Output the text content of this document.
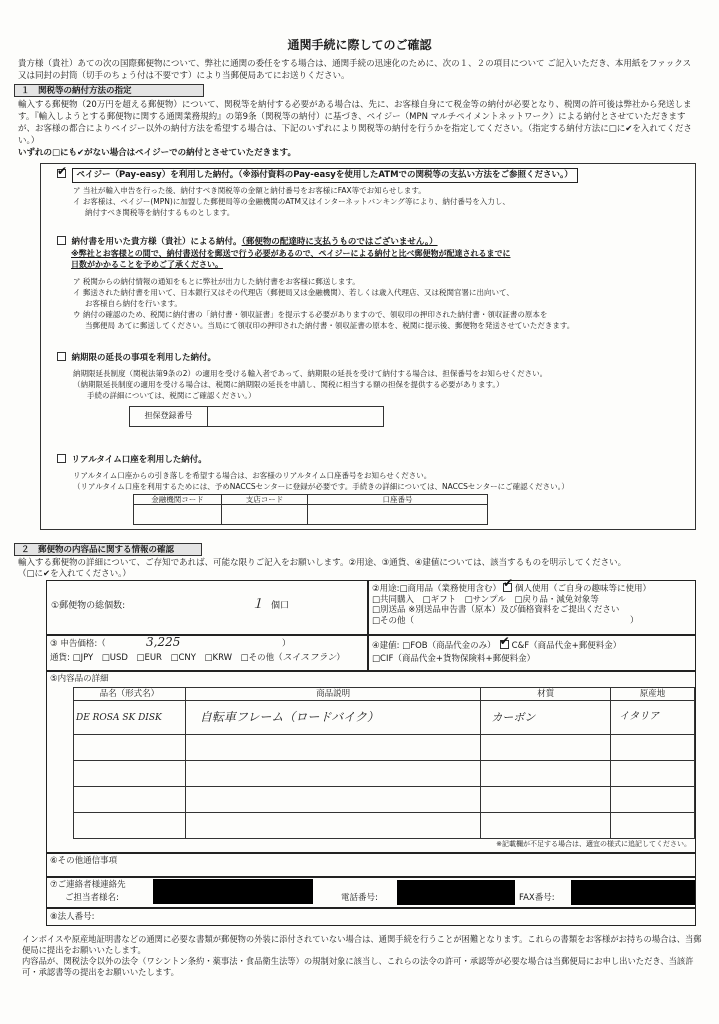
通関手続に際してのご確認
貴方様（貴社）あての次の国際郵便物について、弊社に通関の委任をする場合は、通関手続の迅速化のために、次の１、２の項目について ご記入いただき、本用紙をファックス又は同封の封筒（切手のちょう付は不要です）により当郵便局あてにお送りください。
１　関税等の納付方法の指定
輸入する郵便物（20万円を超える郵便物）について、関税等を納付する必要がある場合は、先に、お客様自身にて税金等の納付が必要となり、税関の許可後は弊社から発送します。『輸入しようとする郵便物に関する通関業務規約』の第9条（関税等の納付）に基づき、ペイジー（MPN マルチペイメントネットワーク）による納付とさせていただきますが、お客様の都合によりペイジー以外の納付方法を希望する場合は、下記のいずれにより関税等の納付を行うかを指定してください。（指定する納付方法に□に✔を入れてください。）
いずれの□にも✔がない場合はペイジーでの納付とさせていただきます。
✔ ペイジー（Pay-easy）を利用した納付。（※添付資料のPay-easyを使用したATMでの関税等の支払い方法をご参照ください。）
ア 当社が輸入申告を行った後、納付すべき関税等の金額と納付番号をお客様にFAX等でお知らせします。
イ お客様は、ペイジー(MPN)に加盟した郵便局等の金融機関のATM又はインターネットバンキング等により、納付番号を入力し、
納付すべき関税等を納付するものとします。
納付書を用いた貴方様（貴社）による納付。（郵便物の配達時に支払うものではございません。）
※弊社とお客様との間で、納付書送付を郵送で行う必要があるので、ペイジーによる納付と比べ郵便物が配達されるまでに
日数がかかることを予めご了承ください。
ア 税関からの納付情報の通知をもとに弊社が出力した納付書をお客様に郵送します。
イ 郵送された納付書を用いて、日本銀行又はその代理店（郵便局又は金融機関）、若しくは歳入代理店、又は税関官署に出向いて、
お客様自ら納付を行います。
ウ 納付の確認のため、税関に納付書の「納付書・領収証書」を提示する必要がありますので、領収印の押印された納付書・領収証書の原本を
当郵便局 あてに郵送してください。当局にて領収印の押印された納付書・領収証書の原本を、税関に提示後、郵便物を発送させていただきます。
納期限の延長の事項を利用した納付。
納期限延長制度（関税法第9条の2）の適用を受ける輸入者であって、納期限の延長を受けて納付する場合は、担保番号をお知らせください。
（納期限延長制度の適用を受ける場合は、税関に納期限の延長を申請し、関税に相当する額の担保を提供する必要があります。）
手続の詳細については、税関にご確認ください。）
担保登録番号	
リアルタイム口座を利用した納付。
リアルタイム口座からの引き落しを希望する場合は、お客様のリアルタイム口座番号をお知らせください。
（リアルタイム口座を利用するためには、予めNACCSセンターに登録が必要です。手続きの詳細については、NACCSセンターにご確認ください。）
金融機関コード	支店コード	口座番号

２　郵便物の内容品に関する情報の確認
輸入する郵便物の詳細について、ご存知であれば、可能な限りご記入をお願いします。②用途、③通貨、④建値については、該当するものを明示してください。
（□に✔を入れてください。）
①郵便物の総個数:	１ 個口
②用途:□商用品（業務使用含む） ✔ 個人使用（ご自身の趣味等に使用）
□共同購入　□ギフト　□サンプル　□戻り品・減免対象等
□別送品 ※別送品申告書（原本）及び価格資料をご提出ください
□その他（	）
③ 申告価格:（	3,225	）
通貨: □JPY　□USD　□EUR　□CNY　□KRW　□その他（スイスフラン）
④建値: □FOB（商品代金のみ） ✔ C&F（商品代金+郵便料金）
□CIF（商品代金+貨物保険料+郵便料金）
⑤内容品の詳細
品名（形式名）	商品説明	材質	原産地
DE ROSA SK DISK	自転車フレーム（ロードバイク）	カーボン	イタリア

※記載欄が不足する場合は、適宜の様式に追記してください。
⑥その他通信事項
⑦ご連絡者様連絡先
ご担当者様名:	電話番号:	FAX番号:
⑧法人番号:
インボイスや原産地証明書などの通関に必要な書類が郵便物の外装に添付されていない場合は、通関手続を行うことが困難となります。これらの書類をお客様がお持ちの場合は、当郵便局に提出をお願いいたします。
内容品が、関税法令以外の法令（ワシントン条約・薬事法・食品衛生法等）の規制対象に該当し、これらの法令の許可・承認等が必要な場合は当郵便局にお申し出いただき、当該許可・承認書等の提出をお願いいたします。
